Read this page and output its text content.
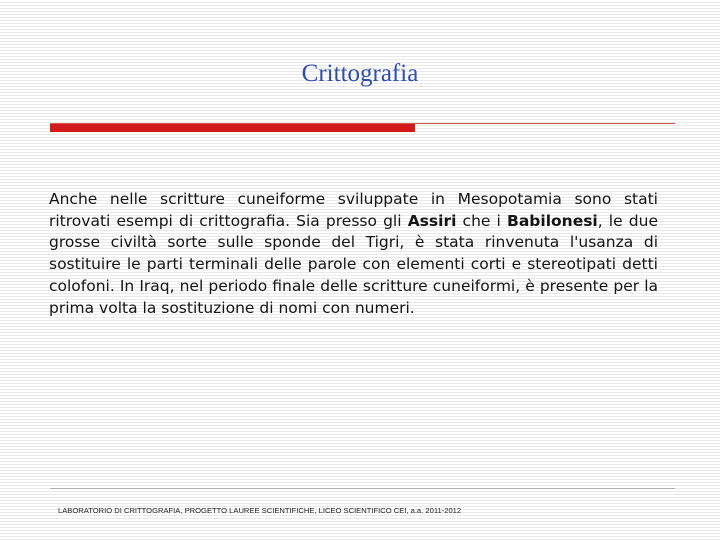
Crittografia

Anche nelle scritture cuneiforme sviluppate in Mesopotamia sono stati ritrovati esempi di crittografia. Sia presso gli Assiri che i Babilonesi, le due grosse civiltà sorte sulle sponde del Tigri, è stata rinvenuta l'usanza di sostituire le parti terminali delle parole con elementi corti e stereotipati detti colofoni. In Iraq, nel periodo finale delle scritture cuneiformi, è presente per la prima volta la sostituzione di nomi con numeri.

LABORATORIO DI CRITTOGRAFIA, PROGETTO LAUREE SCIENTIFICHE, LICEO SCIENTIFICO CEI, a.a. 2011-2012
